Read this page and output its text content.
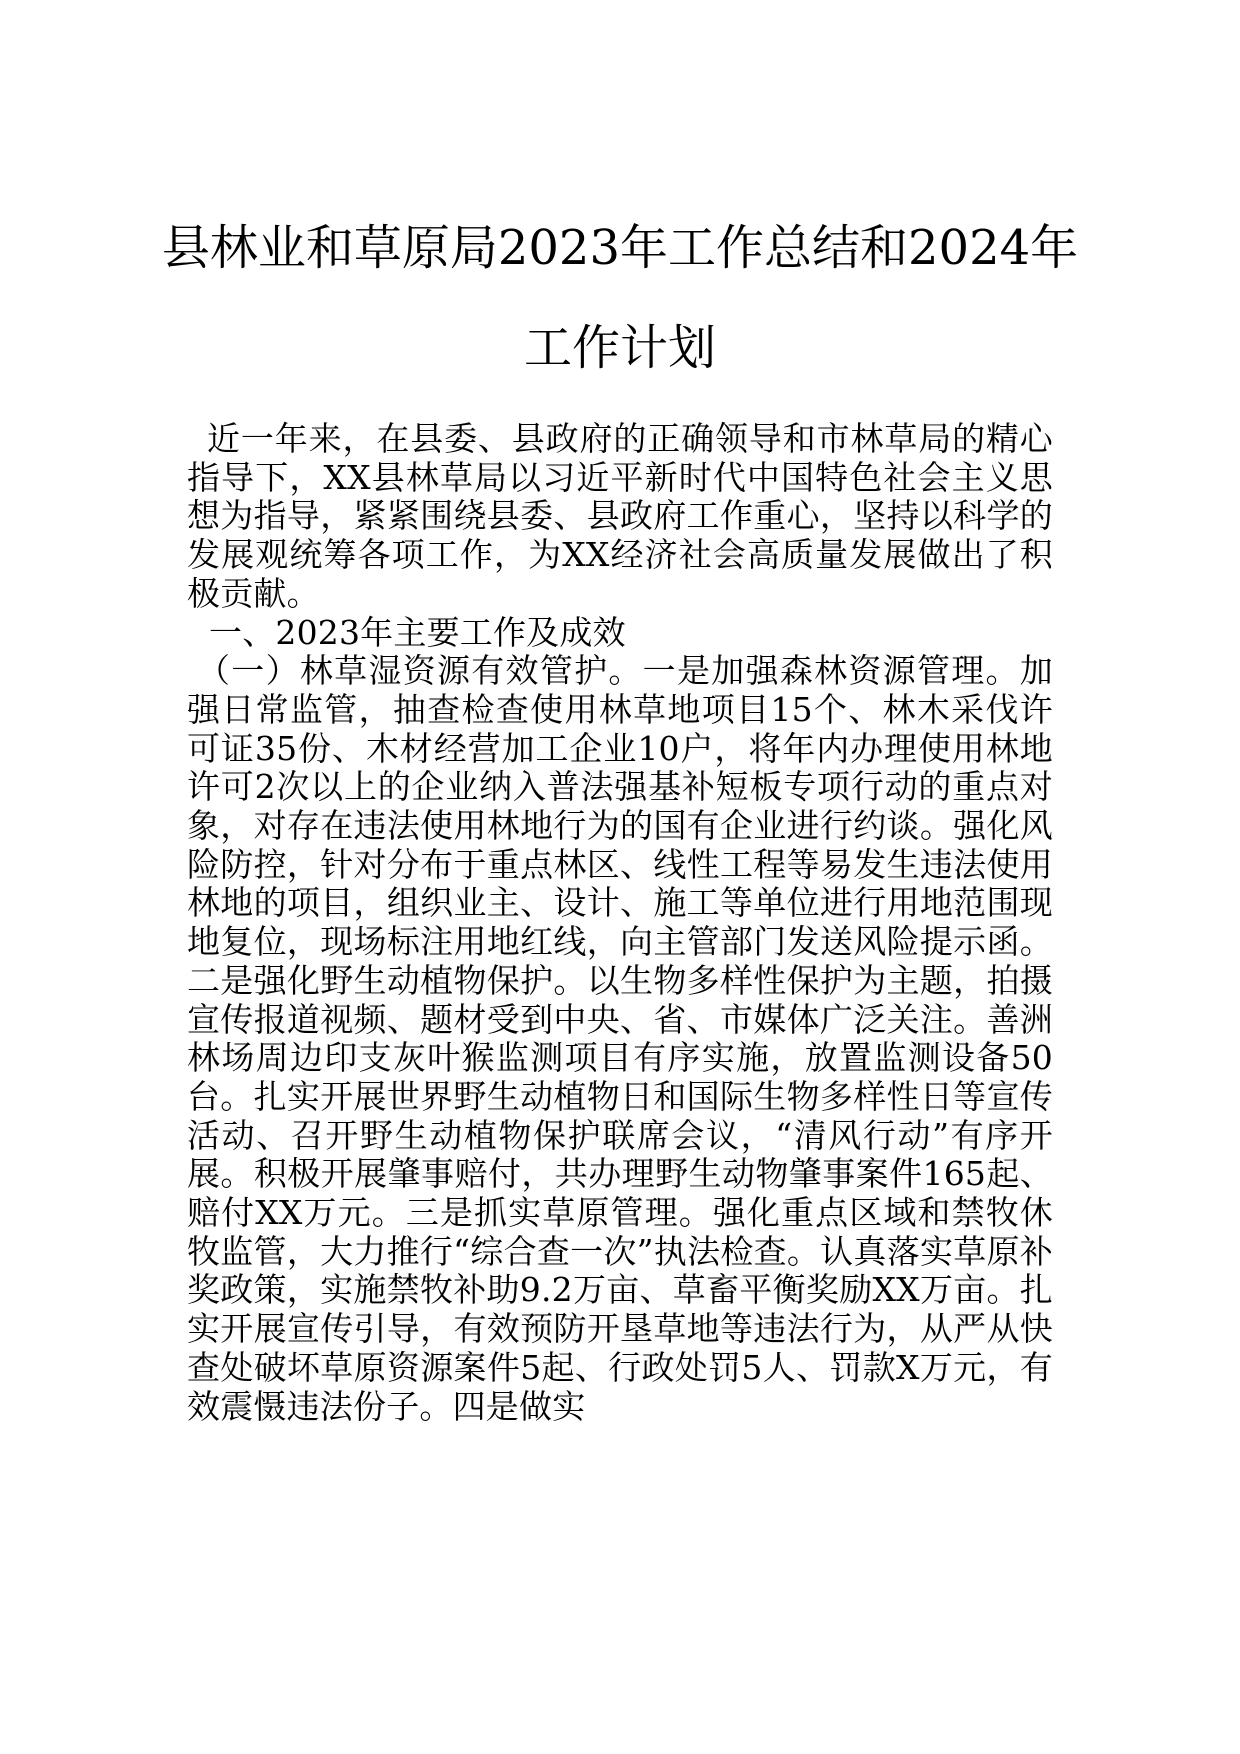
县林业和草原局2023年工作总结和2024年工作计划

近一年来，在县委、县政府的正确领导和市林草局的精心指导下，XX县林草局以习近平新时代中国特色社会主义思想为指导，紧紧围绕县委、县政府工作重心，坚持以科学的发展观统筹各项工作，为XX经济社会高质量发展做出了积极贡献。

一、2023年主要工作及成效

（一）林草湿资源有效管护。一是加强森林资源管理。加强日常监管，抽查检查使用林草地项目15个、林木采伐许可证35份、木材经营加工企业10户，将年内办理使用林地许可2次以上的企业纳入普法强基补短板专项行动的重点对象，对存在违法使用林地行为的国有企业进行约谈。强化风险防控，针对分布于重点林区、线性工程等易发生违法使用林地的项目，组织业主、设计、施工等单位进行用地范围现地复位，现场标注用地红线，向主管部门发送风险提示函。二是强化野生动植物保护。以生物多样性保护为主题，拍摄宣传报道视频、题材受到中央、省、市媒体广泛关注。善洲林场周边印支灰叶猴监测项目有序实施，放置监测设备50台。扎实开展世界野生动植物日和国际生物多样性日等宣传活动、召开野生动植物保护联席会议，“清风行动”有序开展。积极开展肇事赔付，共办理野生动物肇事案件165起、赔付XX万元。三是抓实草原管理。强化重点区域和禁牧休牧监管，大力推行“综合查一次”执法检查。认真落实草原补奖政策，实施禁牧补助9.2万亩、草畜平衡奖励XX万亩。扎实开展宣传引导，有效预防开垦草地等违法行为，从严从快查处破坏草原资源案件5起、行政处罚5人、罚款X万元，有效震慑违法份子。四是做实
